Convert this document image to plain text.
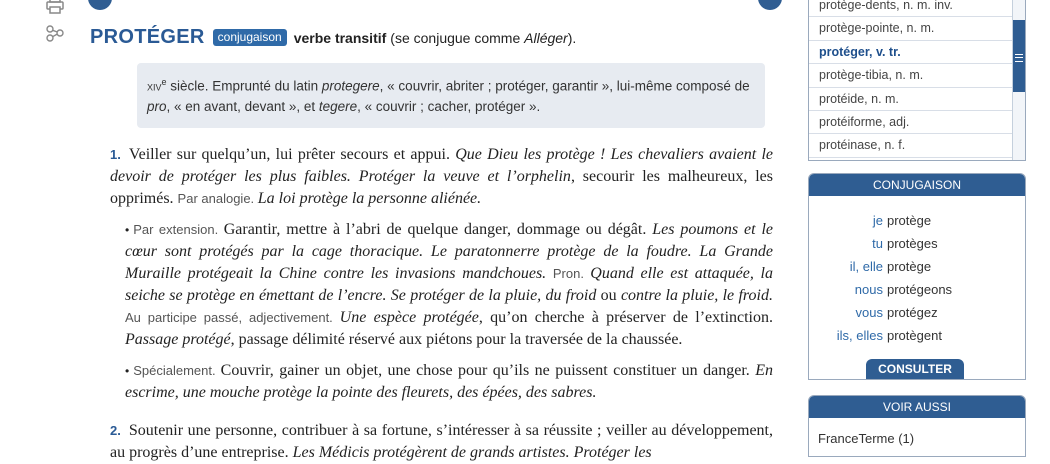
PROTÉGER	conjugaison verbe transitif (se conjugue comme Alléger).
xiv$^e$ siècle. Emprunté du latin protegere, « couvrir, abriter ; protéger, garantir », lui-même composé de pro, « en avant, devant », et tegere, « couvrir ; cacher, protéger ».
1. Veiller sur quelqu’un, lui prêter secours et appui. Que Dieu les protège ! Les chevaliers avaient le devoir de protéger les plus faibles. Protéger la veuve et l’orphelin, secourir les malheureux, les opprimés. Par analogie. La loi protège la personne aliénée.
• Par extension. Garantir, mettre à l’abri de quelque danger, dommage ou dégât. Les poumons et le cœur sont protégés par la cage thoracique. Le paratonnerre protège de la foudre. La Grande Muraille protégeait la Chine contre les invasions mandchoues. Pron. Quand elle est attaquée, la seiche se protège en émettant de l’encre. Se protéger de la pluie, du froid ou contre la pluie, le froid. Au participe passé, adjectivement. Une espèce protégée, qu’on cherche à préserver de l’extinction. Passage protégé, passage délimité réservé aux piétons pour la traversée de la chaussée.
• Spécialement. Couvrir, gainer un objet, une chose pour qu’ils ne puissent constituer un danger. En escrime, une mouche protège la pointe des fleurets, des épées, des sabres.
2. Soutenir une personne, contribuer à sa fortune, s’intéresser à sa réussite ; veiller au développement, au progrès d’une entreprise. Les Médicis protégèrent de grands artistes. Protéger les
protège-dents, n. m. inv.
protège-pointe, n. m.
protéger, v. tr.
protège-tibia, n. m.
protéide, n. m.
protéiforme, adj.
protéinase, n. f.
CONJUGAISON
je protège
tu protèges
il, elle protège
nous protégeons
vous protégez
ils, elles protègent
CONSULTER
VOIR AUSSI
FranceTerme (1)
